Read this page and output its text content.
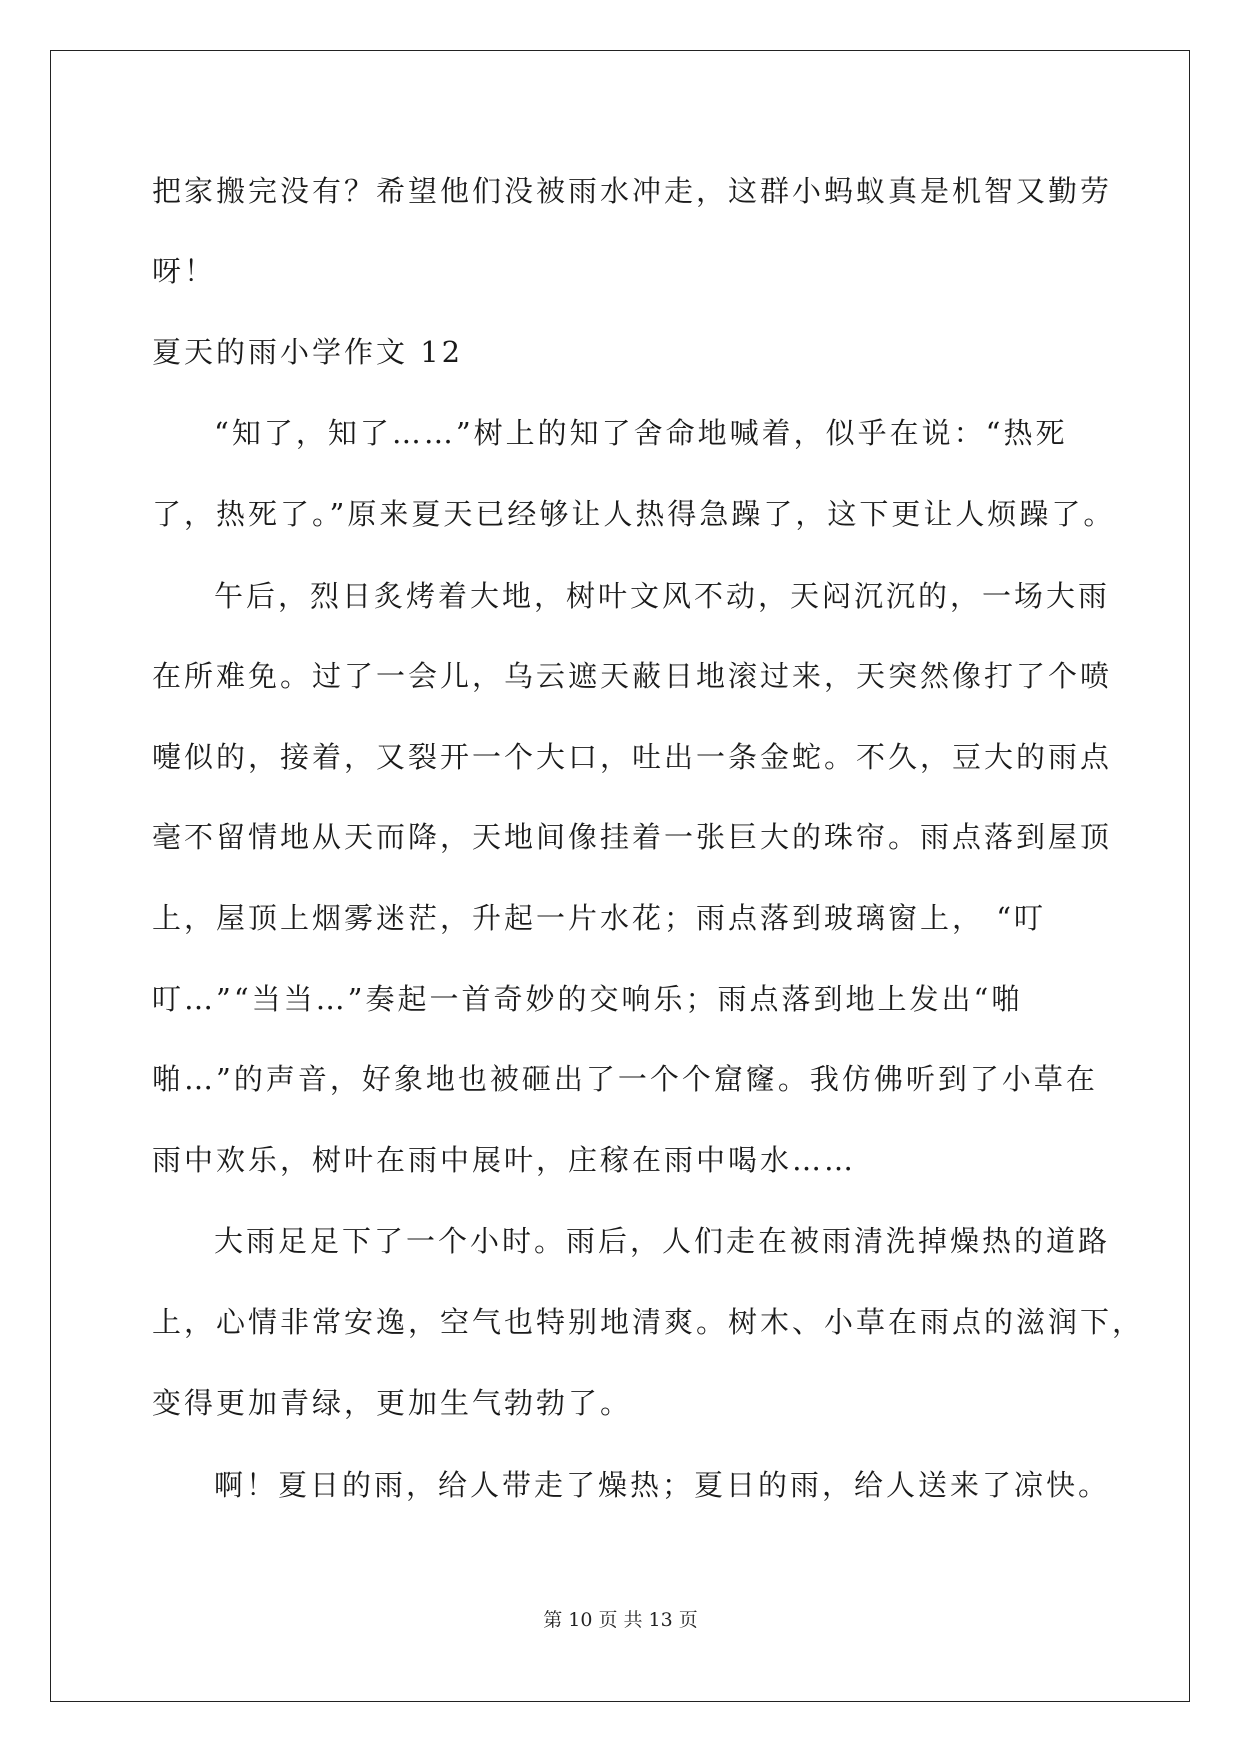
把家搬完没有？希望他们没被雨水冲走，这群小蚂蚁真是机智又勤劳
呀！
夏天的雨小学作文 12
“知了，知了……”树上的知了舍命地喊着，似乎在说：“热死
了，热死了。”原来夏天已经够让人热得急躁了，这下更让人烦躁了。
午后，烈日炙烤着大地，树叶文风不动，天闷沉沉的，一场大雨
在所难免。过了一会儿，乌云遮天蔽日地滚过来，天突然像打了个喷
嚏似的，接着，又裂开一个大口，吐出一条金蛇。不久，豆大的雨点
毫不留情地从天而降，天地间像挂着一张巨大的珠帘。雨点落到屋顶
上，屋顶上烟雾迷茫，升起一片水花；雨点落到玻璃窗上， “叮
叮…”“当当…”奏起一首奇妙的交响乐；雨点落到地上发出“啪
啪…”的声音，好象地也被砸出了一个个窟窿。我仿佛听到了小草在
雨中欢乐，树叶在雨中展叶，庄稼在雨中喝水……
大雨足足下了一个小时。雨后，人们走在被雨清洗掉燥热的道路
上，心情非常安逸，空气也特别地清爽。树木、小草在雨点的滋润下，
变得更加青绿，更加生气勃勃了。
啊！夏日的雨，给人带走了燥热；夏日的雨，给人送来了凉快。
第 10 页 共 13 页
